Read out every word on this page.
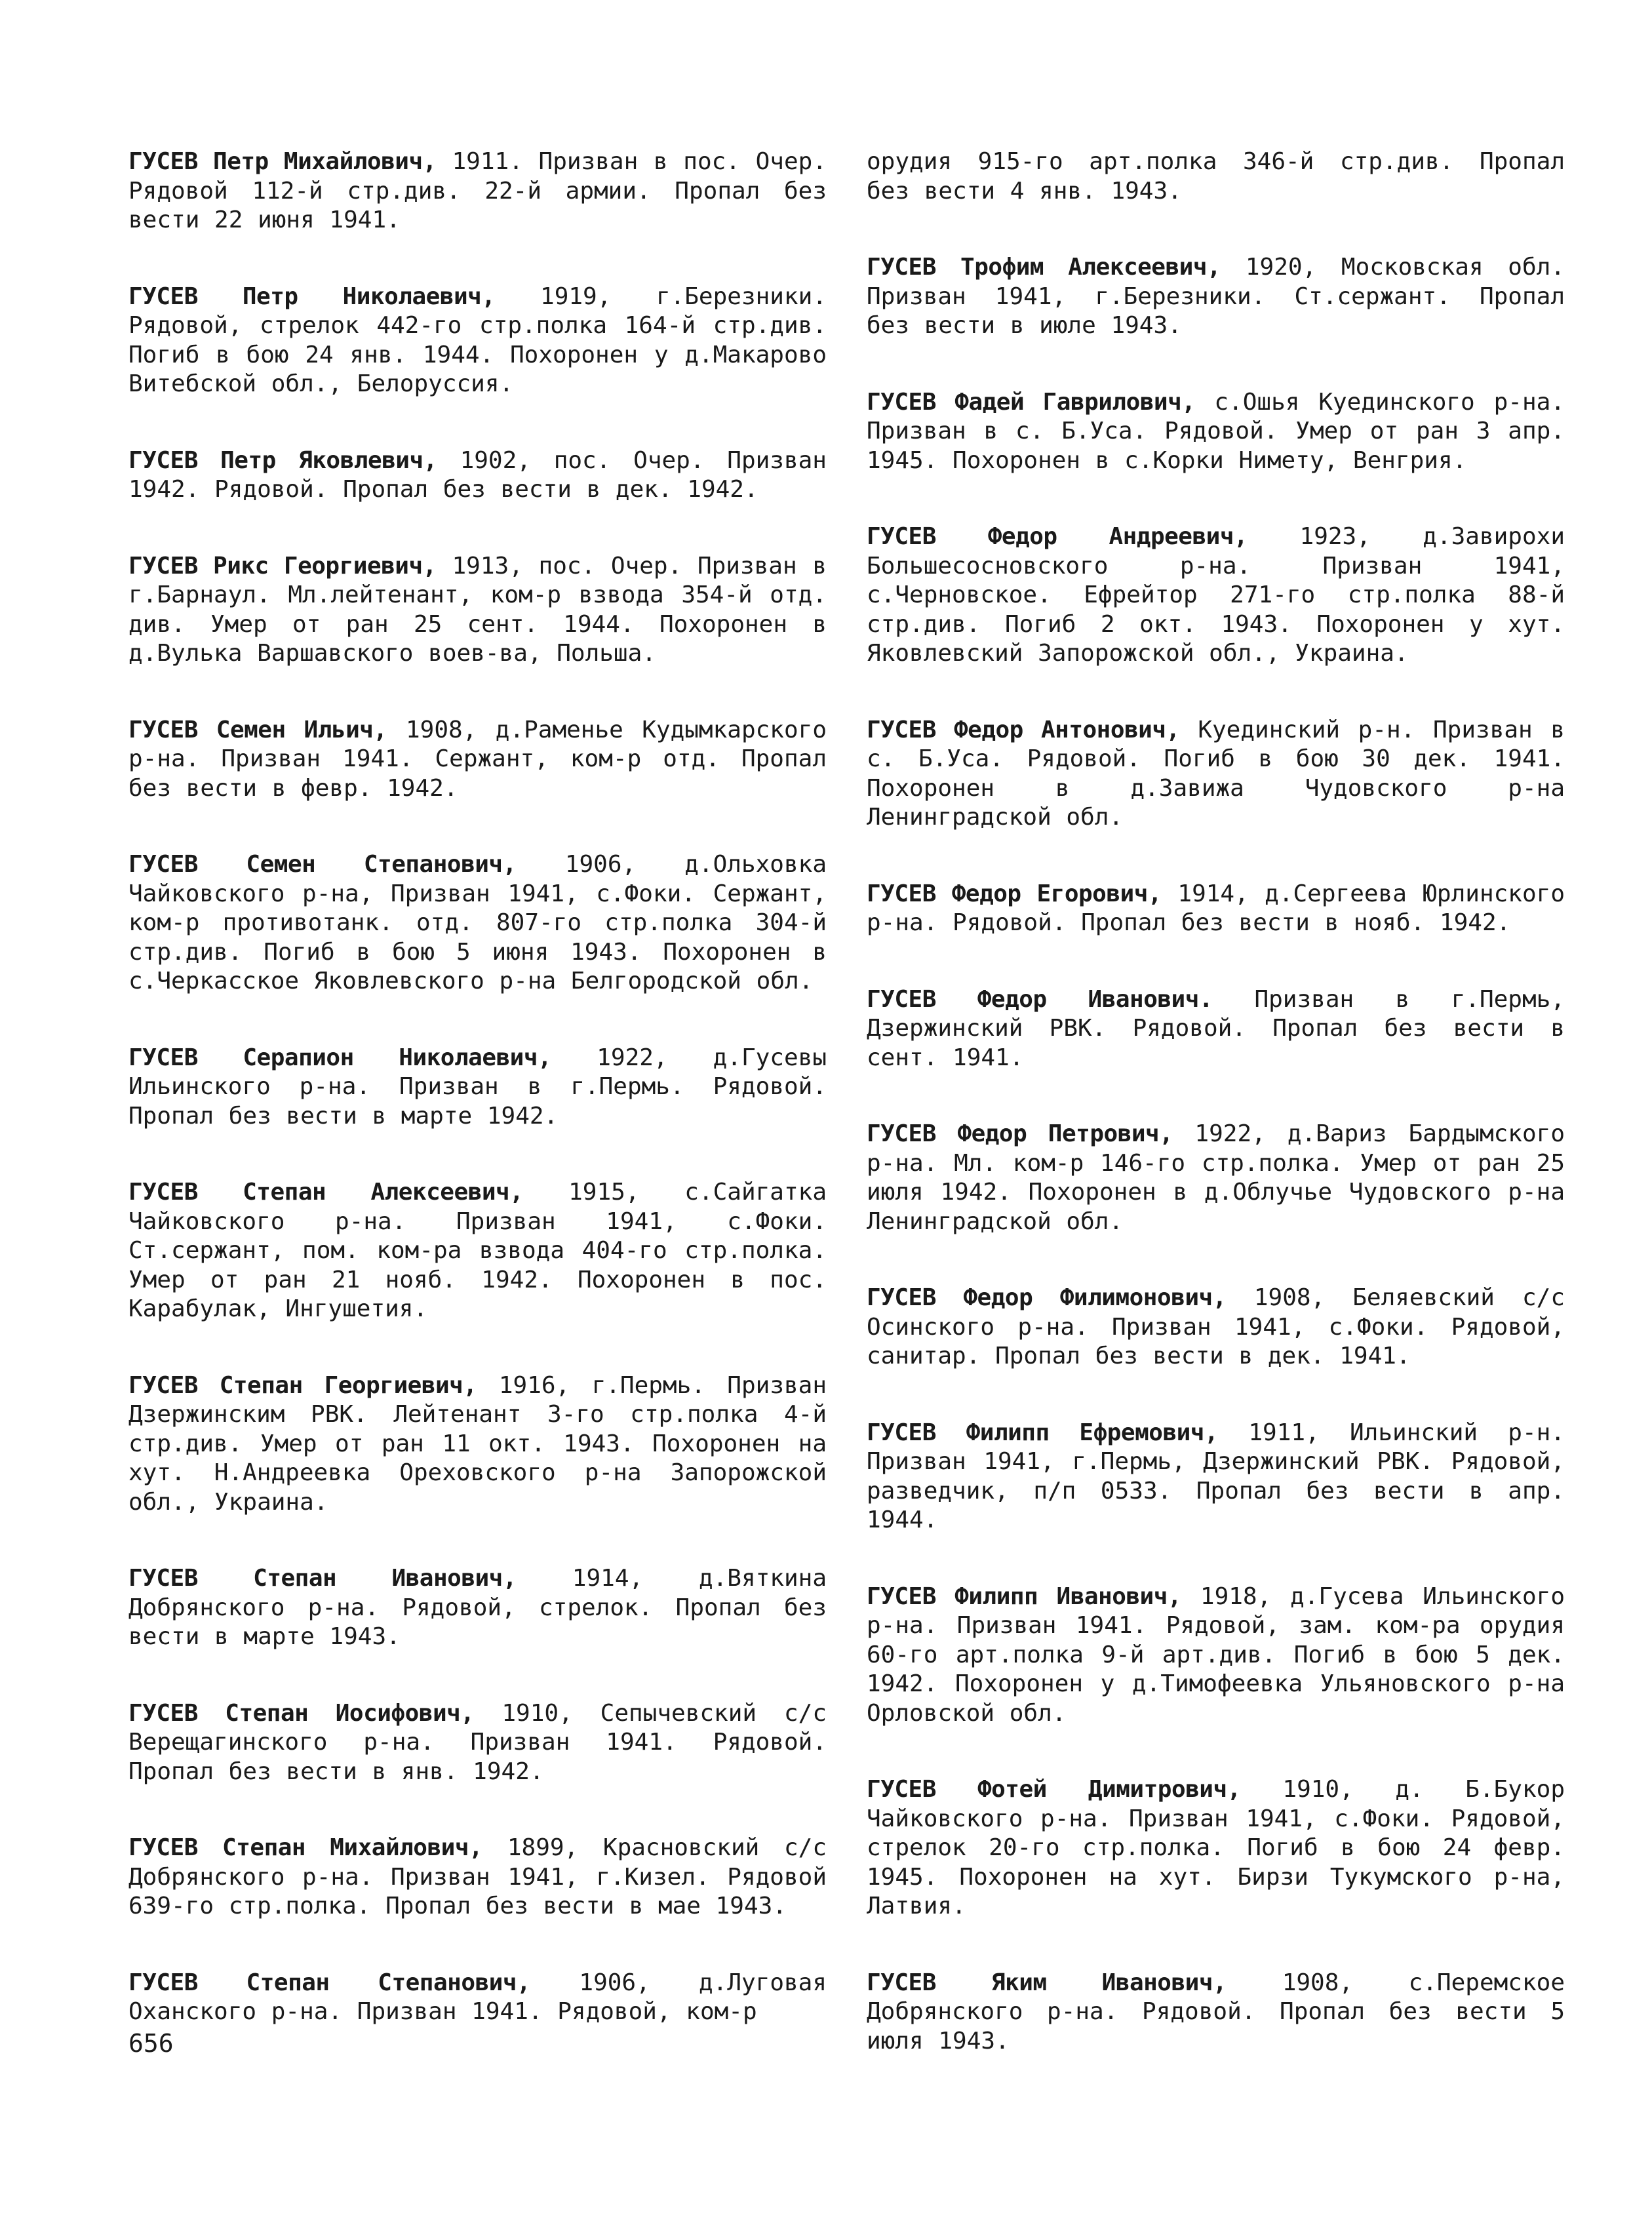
ГУСЕВ Петр Михайлович, 1911. Призван в пос. Очер. Рядовой 112-й стр.див. 22-й армии. Пропал без вести 22 июня 1941.

ГУСЕВ Петр Николаевич, 1919, г.Березники. Рядовой, стрелок 442-го стр.полка 164-й стр.див. Погиб в бою 24 янв. 1944. Похоронен у д.Макарово Витебской обл., Белоруссия.

ГУСЕВ Петр Яковлевич, 1902, пос. Очер. Призван 1942. Рядовой. Пропал без вести в дек. 1942.

ГУСЕВ Рикс Георгиевич, 1913, пос. Очер. Призван в г.Барнаул. Мл.лейтенант, ком-р взвода 354-й отд. див. Умер от ран 25 сент. 1944. Похоронен в д.Вулька Варшавского воев-ва, Польша.

ГУСЕВ Семен Ильич, 1908, д.Раменье Кудымкарского р-на. Призван 1941. Сержант, ком-р отд. Пропал без вести в февр. 1942.

ГУСЕВ Семен Степанович, 1906, д.Ольховка Чайковского р-на, Призван 1941, с.Фоки. Сержант, ком-р противотанк. отд. 807-го стр.полка 304-й стр.див. Погиб в бою 5 июня 1943. Похоронен в с.Черкасское Яковлевского р-на Белгородской обл.

ГУСЕВ Серапион Николаевич, 1922, д.Гусевы Ильинского р-на. Призван в г.Пермь. Рядовой. Пропал без вести в марте 1942.

ГУСЕВ Степан Алексеевич, 1915, с.Сайгатка Чайковского р-на. Призван 1941, с.Фоки. Ст.сержант, пом. ком-ра взвода 404-го стр.полка. Умер от ран 21 нояб. 1942. Похоронен в пос. Карабулак, Ингушетия.

ГУСЕВ Степан Георгиевич, 1916, г.Пермь. Призван Дзержинским РВК. Лейтенант 3-го стр.полка 4-й стр.див. Умер от ран 11 окт. 1943. Похоронен на хут. Н.Андреевка Ореховского р-на Запорожской обл., Украина.

ГУСЕВ Степан Иванович, 1914, д.Вяткина Добрянского р-на. Рядовой, стрелок. Пропал без вести в марте 1943.

ГУСЕВ Степан Иосифович, 1910, Сепычевский с/с Верещагинского р-на. Призван 1941. Рядовой. Пропал без вести в янв. 1942.

ГУСЕВ Степан Михайлович, 1899, Красновский с/с Добрянского р-на. Призван 1941, г.Кизел. Рядовой 639-го стр.полка. Пропал без вести в мае 1943.

ГУСЕВ Степан Степанович, 1906, д.Луговая Оханского р-на. Призван 1941. Рядовой, ком-р

орудия 915-го арт.полка 346-й стр.див. Пропал без вести 4 янв. 1943.

ГУСЕВ Трофим Алексеевич, 1920, Московская обл. Призван 1941, г.Березники. Ст.сержант. Пропал без вести в июле 1943.

ГУСЕВ Фадей Гаврилович, с.Ошья Куединского р-на. Призван в с. Б.Уса. Рядовой. Умер от ран 3 апр. 1945. Похоронен в с.Корки Нимету, Венгрия.

ГУСЕВ Федор Андреевич, 1923, д.Завирохи Большесосновского р-на. Призван 1941, с.Черновское. Ефрейтор 271-го стр.полка 88-й стр.див. Погиб 2 окт. 1943. Похоронен у хут. Яковлевский Запорожской обл., Украина.

ГУСЕВ Федор Антонович, Куединский р-н. Призван в с. Б.Уса. Рядовой. Погиб в бою 30 дек. 1941. Похоронен в д.Завижа Чудовского р-на Ленинградской обл.

ГУСЕВ Федор Егорович, 1914, д.Сергеева Юрлинского р-на. Рядовой. Пропал без вести в нояб. 1942.

ГУСЕВ Федор Иванович. Призван в г.Пермь, Дзержинский РВК. Рядовой. Пропал без вести в сент. 1941.

ГУСЕВ Федор Петрович, 1922, д.Вариз Бардымского р-на. Мл. ком-р 146-го стр.полка. Умер от ран 25 июля 1942. Похоронен в д.Облучье Чудовского р-на Ленинградской обл.

ГУСЕВ Федор Филимонович, 1908, Беляевский с/с Осинского р-на. Призван 1941, с.Фоки. Рядовой, санитар. Пропал без вести в дек. 1941.

ГУСЕВ Филипп Ефремович, 1911, Ильинский р-н. Призван 1941, г.Пермь, Дзержинский РВК. Рядовой, разведчик, п/п 0533. Пропал без вести в апр. 1944.

ГУСЕВ Филипп Иванович, 1918, д.Гусева Ильинского р-на. Призван 1941. Рядовой, зам. ком-ра орудия 60-го арт.полка 9-й арт.див. Погиб в бою 5 дек. 1942. Похоронен у д.Тимофеевка Ульяновского р-на Орловской обл.

ГУСЕВ Фотей Димитрович, 1910, д. Б.Букор Чайковского р-на. Призван 1941, с.Фоки. Рядовой, стрелок 20-го стр.полка. Погиб в бою 24 февр. 1945. Похоронен на хут. Бирзи Тукумского р-на, Латвия.

ГУСЕВ Яким Иванович, 1908, с.Перемское Добрянского р-на. Рядовой. Пропал без вести 5 июля 1943.

656
